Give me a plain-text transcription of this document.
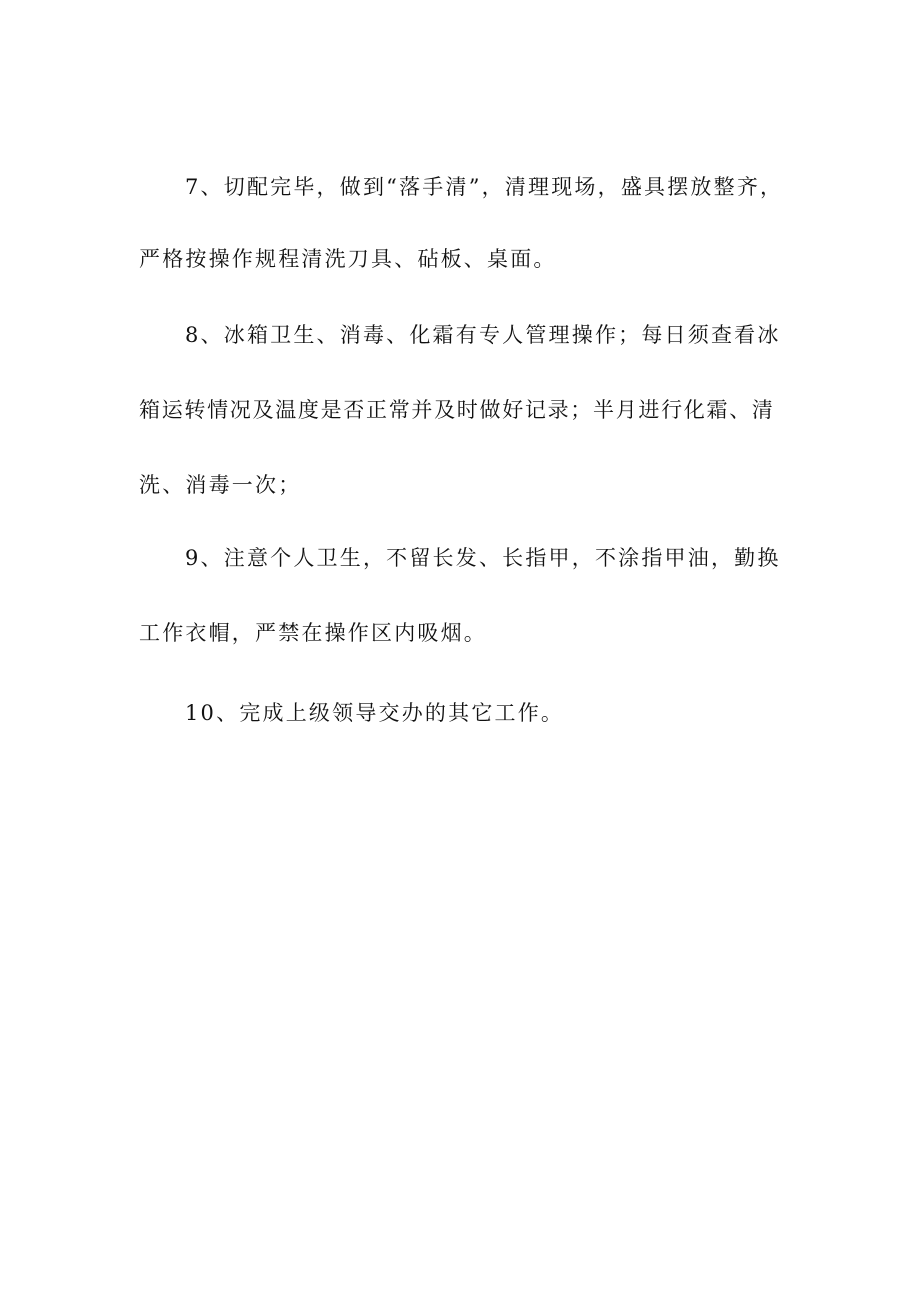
7、切配完毕，做到“落手清”，清理现场，盛具摆放整齐，
严格按操作规程清洗刀具、砧板、桌面。
8、冰箱卫生、消毒、化霜有专人管理操作；每日须查看冰
箱运转情况及温度是否正常并及时做好记录；半月进行化霜、清
洗、消毒一次；
9、注意个人卫生，不留长发、长指甲，不涂指甲油，勤换
工作衣帽，严禁在操作区内吸烟。
10、完成上级领导交办的其它工作。
